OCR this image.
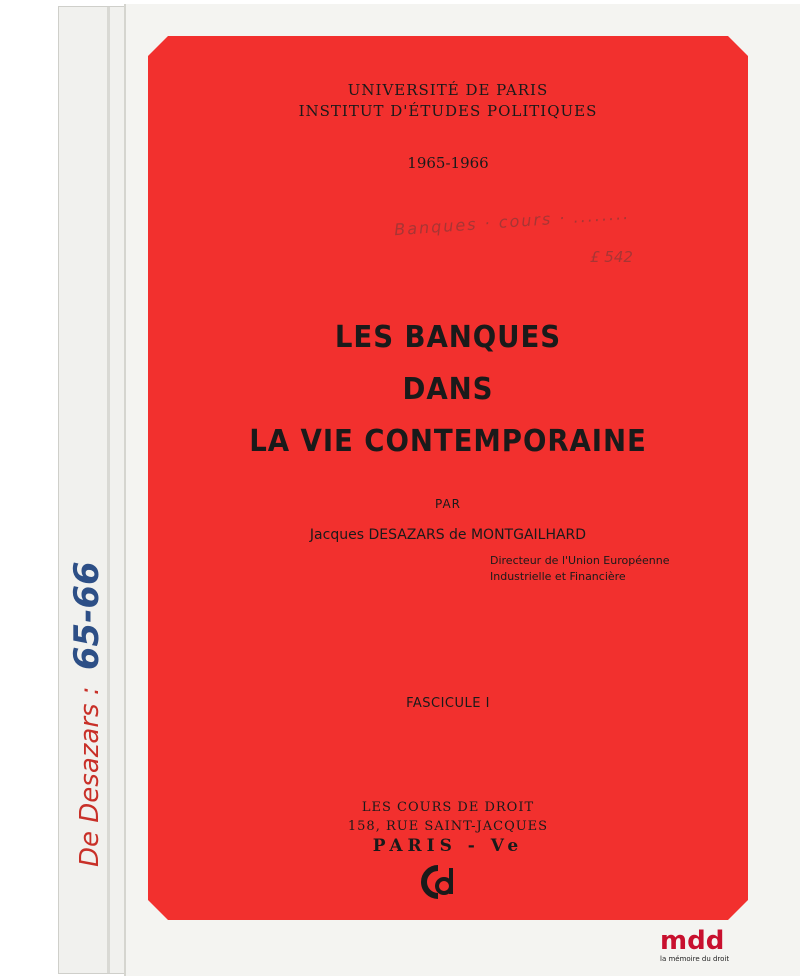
De Desazars : 65-66
UNIVERSITÉ DE PARIS
INSTITUT D'ÉTUDES POLITIQUES
1965-1966
Banques · cours · ........
£ 542
LES BANQUES
DANS
LA VIE CONTEMPORAINE
PAR
Jacques DESAZARS de MONTGAILHARD
Directeur de l'Union Européenne
Industrielle et Financière
FASCICULE I
LES COURS DE DROIT
158, RUE SAINT-JACQUES
PARIS - Ve
m d d
la mémoire du droit
